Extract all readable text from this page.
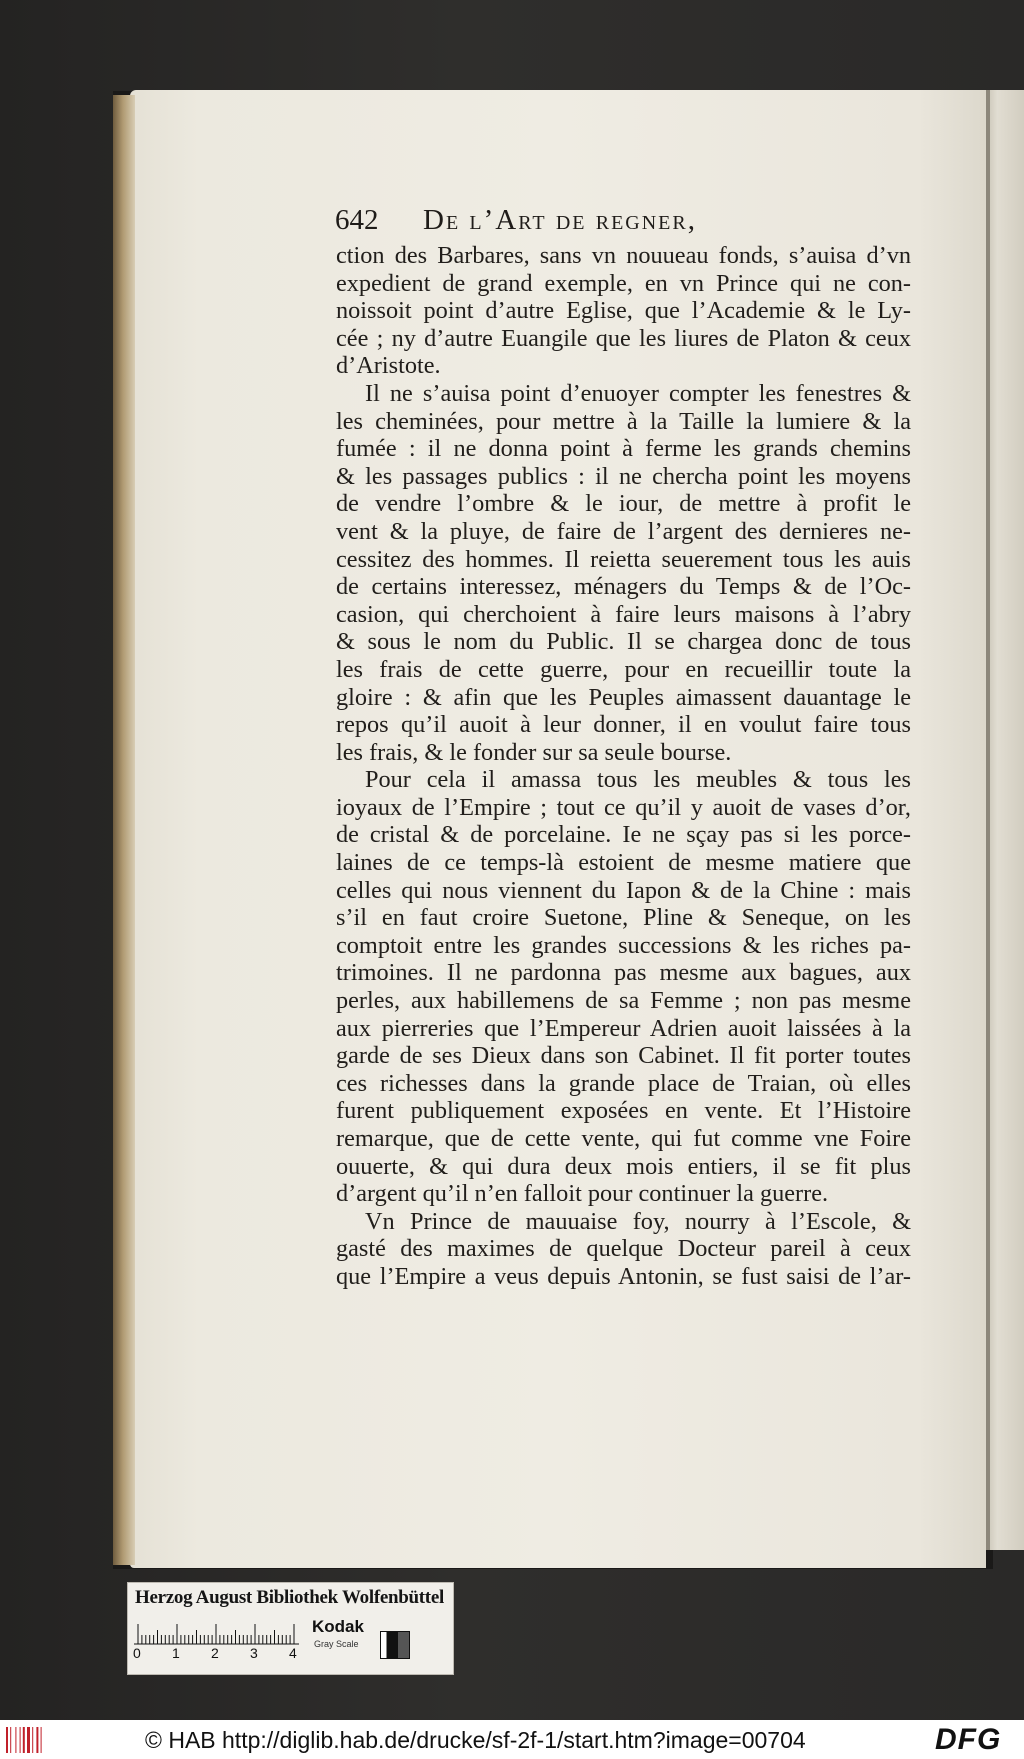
642 De l’Art de regner,
ction des Barbares, sans vn nouueau fonds, s’auisa d’vn
expedient de grand exemple, en vn Prince qui ne con-
noissoit point d’autre Eglise, que l’Academie & le Ly-
cée ; ny d’autre Euangile que les liures de Platon & ceux
d’Aristote.
Il ne s’auisa point d’enuoyer compter les fenestres &
les cheminées, pour mettre à la Taille la lumiere & la
fumée : il ne donna point à ferme les grands chemins
& les passages publics : il ne chercha point les moyens
de vendre l’ombre & le iour, de mettre à profit le
vent & la pluye, de faire de l’argent des dernieres ne-
cessitez des hommes. Il reietta seuerement tous les auis
de certains interessez, ménagers du Temps & de l’Oc-
casion, qui cherchoient à faire leurs maisons à l’abry
& sous le nom du Public. Il se chargea donc de tous
les frais de cette guerre, pour en recueillir toute la
gloire : & afin que les Peuples aimassent dauantage le
repos qu’il auoit à leur donner, il en voulut faire tous
les frais, & le fonder sur sa seule bourse.
Pour cela il amassa tous les meubles & tous les
ioyaux de l’Empire ; tout ce qu’il y auoit de vases d’or,
de cristal & de porcelaine. Ie ne sçay pas si les porce-
laines de ce temps-là estoient de mesme matiere que
celles qui nous viennent du Iapon & de la Chine : mais
s’il en faut croire Suetone, Pline & Seneque, on les
comptoit entre les grandes successions & les riches pa-
trimoines. Il ne pardonna pas mesme aux bagues, aux
perles, aux habillemens de sa Femme ; non pas mesme
aux pierreries que l’Empereur Adrien auoit laissées à la
garde de ses Dieux dans son Cabinet. Il fit porter toutes
ces richesses dans la grande place de Traian, où elles
furent publiquement exposées en vente. Et l’Histoire
remarque, que de cette vente, qui fut comme vne Foire
ouuerte, & qui dura deux mois entiers, il se fit plus
d’argent qu’il n’en falloit pour continuer la guerre.
Vn Prince de mauuaise foy, nourry à l’Escole, &
gasté des maximes de quelque Docteur pareil à ceux
que l’Empire a veus depuis Antonin, se fust saisi de l’ar-
Herzog August Bibliothek Wolfenbüttel
0 1 2 3 4
Kodak
Gray Scale
© HAB http://diglib.hab.de/drucke/sf-2f-1/start.htm?image=00704	DFG
